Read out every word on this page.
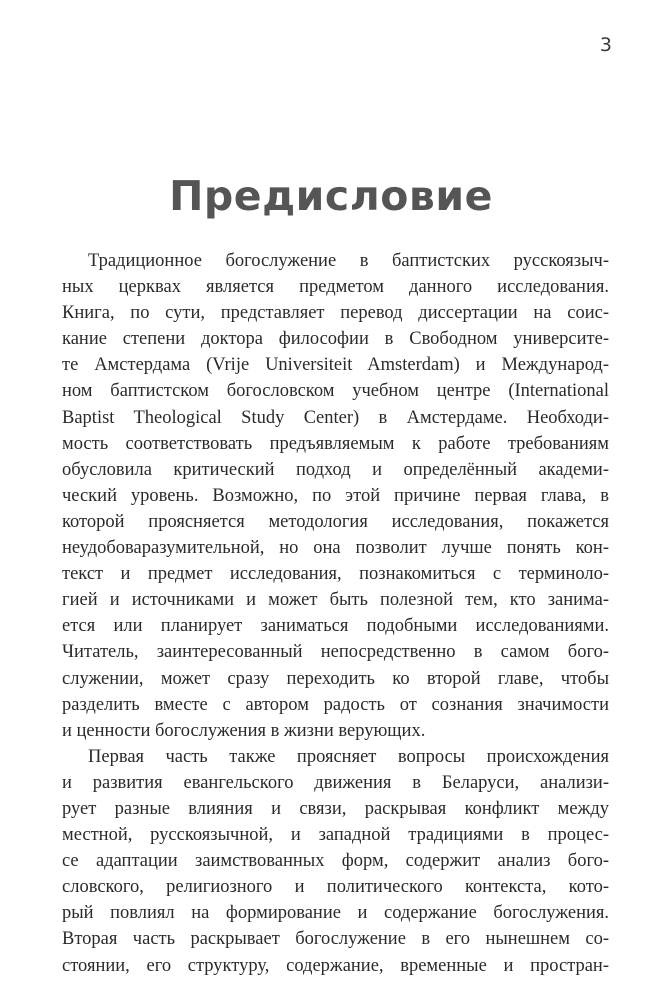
3
Предисловие
Традиционное богослужение в баптистских русскоязыч-
ных церквах является предметом данного исследования.
Книга, по сути, представляет перевод диссертации на соис-
кание степени доктора философии в Свободном университе-
те Амстердама (Vrije Universiteit Amsterdam) и Международ-
ном баптистском богословском учебном центре (International
Baptist Theological Study Center) в Амстердаме. Необходи-
мость соответствовать предъявляемым к работе требованиям
обусловила критический подход и определённый академи-
ческий уровень. Возможно, по этой причине первая глава, в
которой проясняется методология исследования, покажется
неудобоваразумительной, но она позволит лучше понять кон-
текст и предмет исследования, познакомиться с терминоло-
гией и источниками и может быть полезной тем, кто занима-
ется или планирует заниматься подобными исследованиями.
Читатель, заинтересованный непосредственно в самом бого-
служении, может сразу переходить ко второй главе, чтобы
разделить вместе с автором радость от сознания значимости
и ценности богослужения в жизни верующих.
Первая часть также проясняет вопросы происхождения
и развития евангельского движения в Беларуси, анализи-
рует разные влияния и связи, раскрывая конфликт между
местной, русскоязычной, и западной традициями в процес-
се адаптации заимствованных форм, содержит анализ бого-
словского, религиозного и политического контекста, кото-
рый повлиял на формирование и содержание богослужения.
Вторая часть раскрывает богослужение в его нынешнем со-
стоянии, его структуру, содержание, временные и простран-
